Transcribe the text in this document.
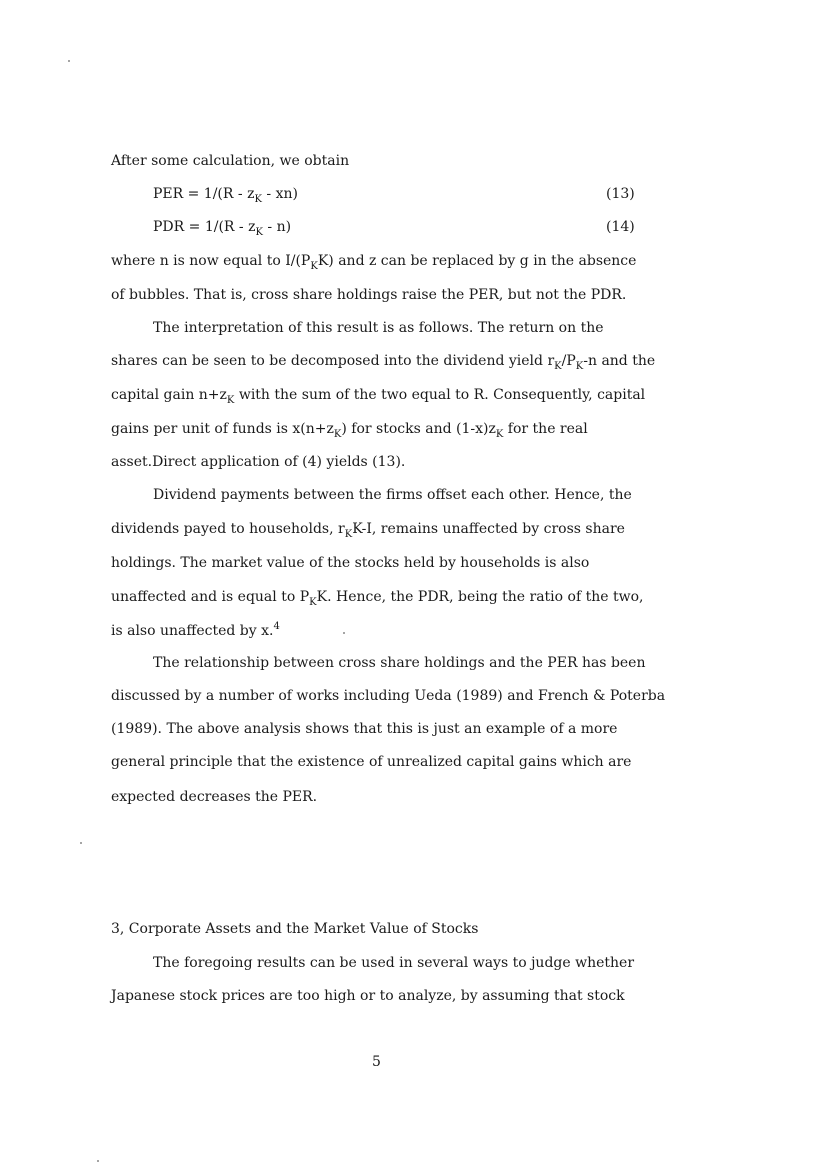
After some calculation, we obtain
PER = $1/(R - z_K - xn)$	(13)
PDR = $1/(R - z_K - n)$	(14)
where n is now equal to $I/(P_KK)$ and z can be replaced by g in the absence
of bubbles. That is, cross share holdings raise the PER, but not the PDR.
The interpretation of this result is as follows. The return on the
shares can be seen to be decomposed into the dividend yield $r_K/P_K-n$ and the
capital gain $n+z_K$ with the sum of the two equal to R. Consequently, capital
gains per unit of funds is $x(n+z_K)$ for stocks and $(1-x)z_K$ for the real
asset.Direct application of (4) yields (13).
Dividend payments between the firms offset each other. Hence, the
dividends payed to households, $r_KK-I$, remains unaffected by cross share
holdings. The market value of the stocks held by households is also
unaffected and is equal to $P_KK$. Hence, the PDR, being the ratio of the two,
is also unaffected by x.$^4$
The relationship between cross share holdings and the PER has been
discussed by a number of works including Ueda (1989) and French & Poterba
(1989). The above analysis shows that this is just an example of a more
general principle that the existence of unrealized capital gains which are
expected decreases the PER.
3, Corporate Assets and the Market Value of Stocks
The foregoing results can be used in several ways to judge whether
Japanese stock prices are too high or to analyze, by assuming that stock
5
